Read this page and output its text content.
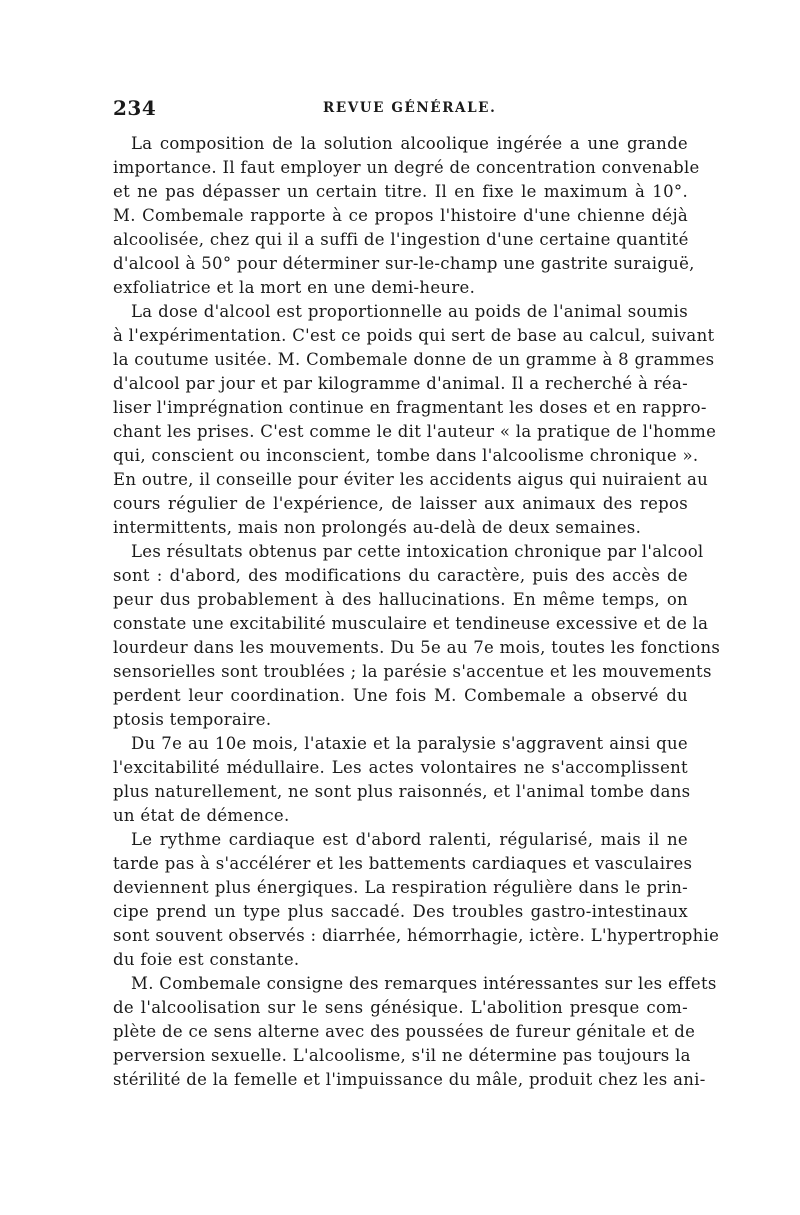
234	REVUE GÉNÉRALE.
La composition de la solution alcoolique ingérée a une grande
importance. Il faut employer un degré de concentration convenable
et ne pas dépasser un certain titre. Il en fixe le maximum à 10°.
M. Combemale rapporte à ce propos l'histoire d'une chienne déjà
alcoolisée, chez qui il a suffi de l'ingestion d'une certaine quantité
d'alcool à 50° pour déterminer sur-le-champ une gastrite suraiguë,
exfoliatrice et la mort en une demi-heure.
La dose d'alcool est proportionnelle au poids de l'animal soumis
à l'expérimentation. C'est ce poids qui sert de base au calcul, suivant
la coutume usitée. M. Combemale donne de un gramme à 8 grammes
d'alcool par jour et par kilogramme d'animal. Il a recherché à réa-
liser l'imprégnation continue en fragmentant les doses et en rappro-
chant les prises. C'est comme le dit l'auteur « la pratique de l'homme
qui, conscient ou inconscient, tombe dans l'alcoolisme chronique ».
En outre, il conseille pour éviter les accidents aigus qui nuiraient au
cours régulier de l'expérience, de laisser aux animaux des repos
intermittents, mais non prolongés au-delà de deux semaines.
Les résultats obtenus par cette intoxication chronique par l'alcool
sont : d'abord, des modifications du caractère, puis des accès de
peur dus probablement à des hallucinations. En même temps, on
constate une excitabilité musculaire et tendineuse excessive et de la
lourdeur dans les mouvements. Du 5e au 7e mois, toutes les fonctions
sensorielles sont troublées ; la parésie s'accentue et les mouvements
perdent leur coordination. Une fois M. Combemale a observé du
ptosis temporaire.
Du 7e au 10e mois, l'ataxie et la paralysie s'aggravent ainsi que
l'excitabilité médullaire. Les actes volontaires ne s'accomplissent
plus naturellement, ne sont plus raisonnés, et l'animal tombe dans
un état de démence.
Le rythme cardiaque est d'abord ralenti, régularisé, mais il ne
tarde pas à s'accélérer et les battements cardiaques et vasculaires
deviennent plus énergiques. La respiration régulière dans le prin-
cipe prend un type plus saccadé. Des troubles gastro-intestinaux
sont souvent observés : diarrhée, hémorrhagie, ictère. L'hypertrophie
du foie est constante.
M. Combemale consigne des remarques intéressantes sur les effets
de l'alcoolisation sur le sens génésique. L'abolition presque com-
plète de ce sens alterne avec des poussées de fureur génitale et de
perversion sexuelle. L'alcoolisme, s'il ne détermine pas toujours la
stérilité de la femelle et l'impuissance du mâle, produit chez les ani-
